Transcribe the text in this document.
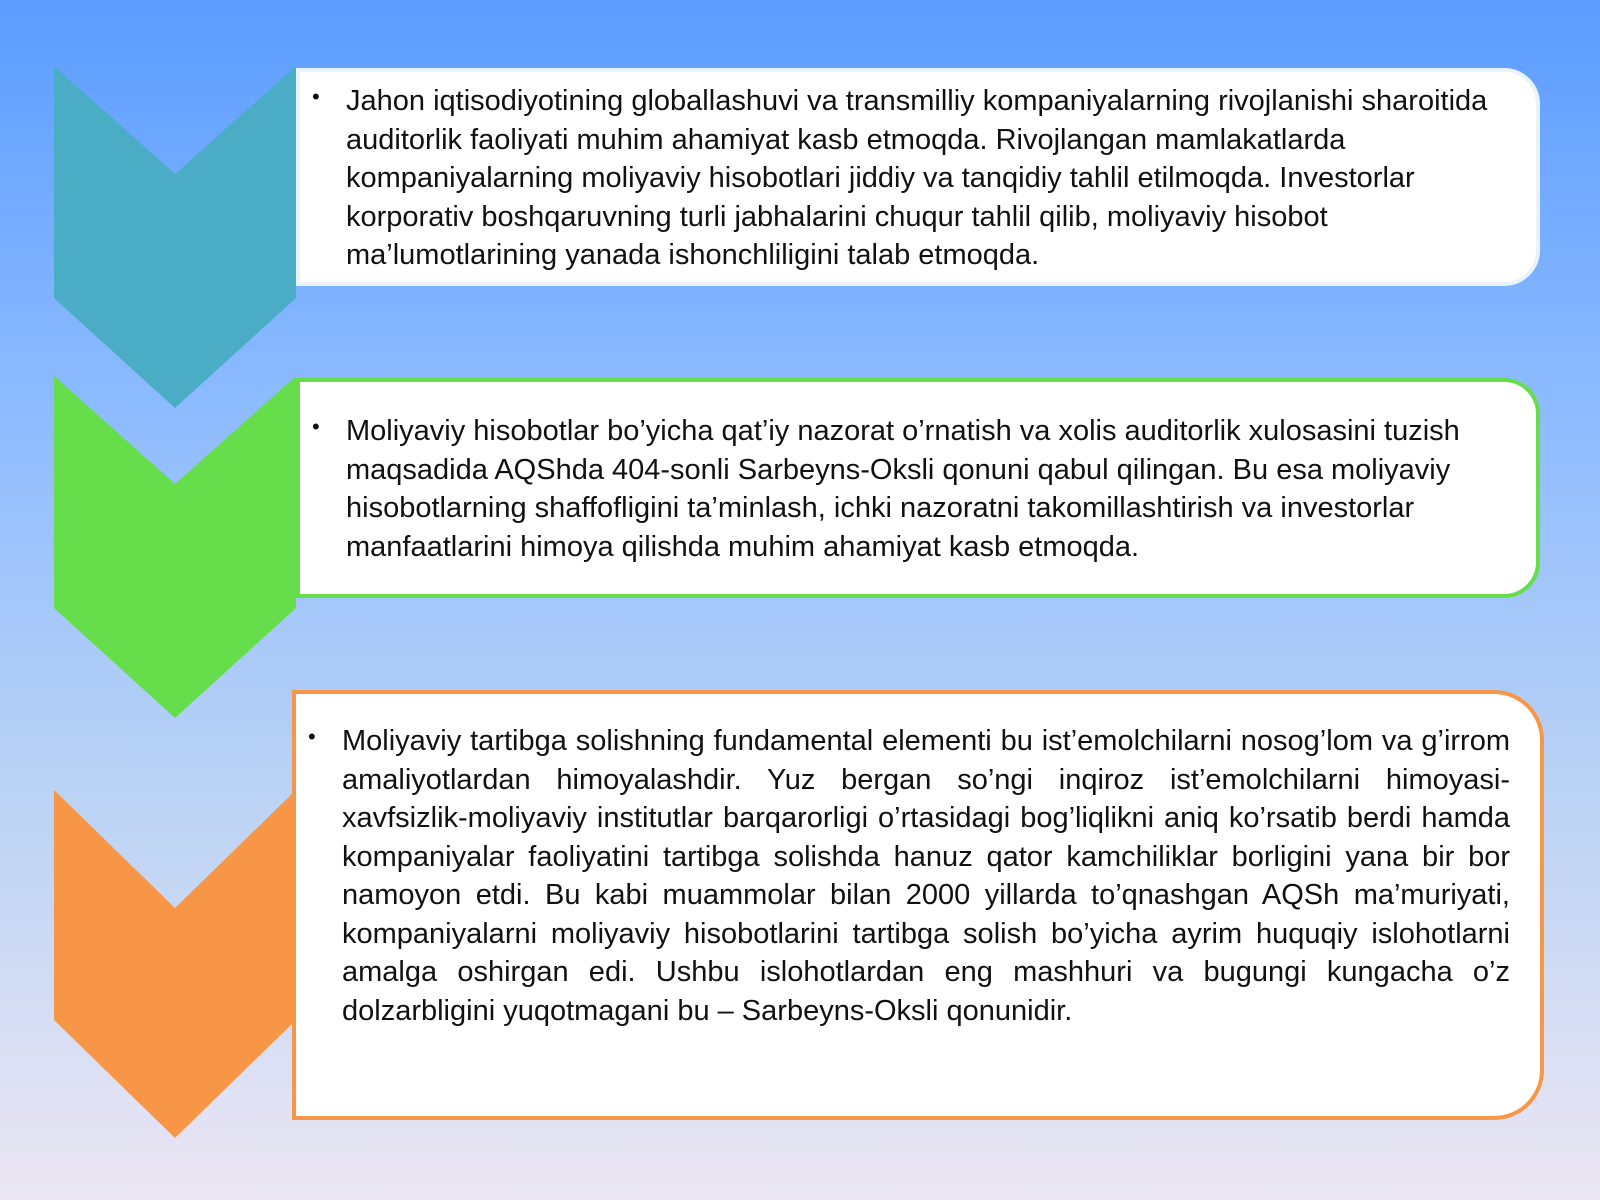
• Jahon iqtisodiyotining globallashuvi va transmilliy kompaniyalarning rivojlanishi sharoitida auditorlik faoliyati muhim ahamiyat kasb etmoqda. Rivojlangan mamlakatlarda kompaniyalarning moliyaviy hisobotlari jiddiy va tanqidiy tahlil etilmoqda. Investorlar korporativ boshqaruvning turli jabhalarini chuqur tahlil qilib, moliyaviy hisobot ma’lumotlarining yanada ishonchliligini talab etmoqda.
• Moliyaviy hisobotlar bo’yicha qat’iy nazorat o’rnatish va xolis auditorlik xulosasini tuzish maqsadida AQShda 404-sonli Sarbeyns-Oksli qonuni qabul qilingan. Bu esa moliyaviy hisobotlarning shaffofligini ta’minlash, ichki nazoratni takomillashtirish va investorlar manfaatlarini himoya qilishda muhim ahamiyat kasb etmoqda.
• Moliyaviy tartibga solishning fundamental elementi bu ist’emolchilarni nosog’lom va g’irrom amaliyotlardan himoyalashdir. Yuz bergan so’ngi inqiroz ist’emolchilarni himoyasi-xavfsizlik-moliyaviy institutlar barqarorligi o’rtasidagi bog’liqlikni aniq ko’rsatib berdi hamda kompaniyalar faoliyatini tartibga solishda hanuz qator kamchiliklar borligini yana bir bor namoyon etdi. Bu kabi muammolar bilan 2000 yillarda to’qnashgan AQSh ma’muriyati, kompaniyalarni moliyaviy hisobotlarini tartibga solish bo’yicha ayrim huquqiy islohotlarni amalga oshirgan edi. Ushbu islohotlardan eng mashhuri va bugungi kungacha o’z dolzarbligini yuqotmagani bu – Sarbeyns-Oksli qonunidir.
